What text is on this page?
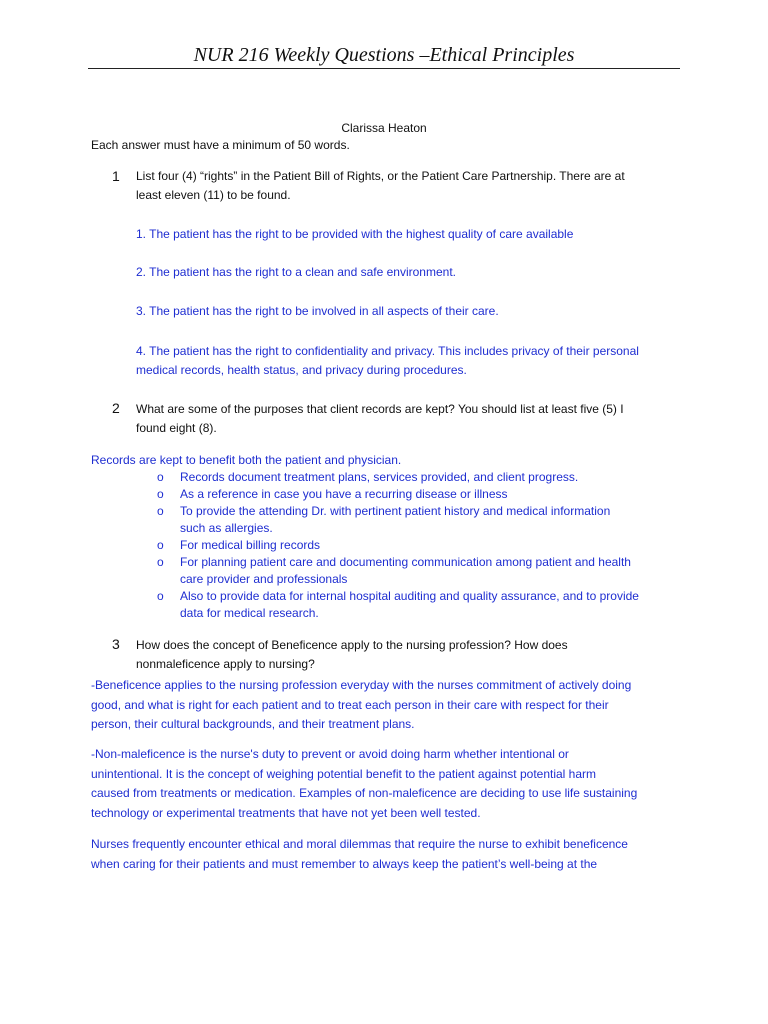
NUR 216 Weekly Questions –Ethical Principles
Clarissa Heaton
Each answer must have a minimum of 50 words.
1 List four (4) “rights” in the Patient Bill of Rights, or the Patient Care Partnership. There are at
least eleven (11) to be found.
1. The patient has the right to be provided with the highest quality of care available
2. The patient has the right to a clean and safe environment.
3. The patient has the right to be involved in all aspects of their care.
4. The patient has the right to confidentiality and privacy. This includes privacy of their personal
medical records, health status, and privacy during procedures.
2 What are some of the purposes that client records are kept? You should list at least five (5) I
found eight (8).
Records are kept to benefit both the patient and physician.
o Records document treatment plans, services provided, and client progress.
o As a reference in case you have a recurring disease or illness
o To provide the attending Dr. with pertinent patient history and medical information
such as allergies.
o For medical billing records
o For planning patient care and documenting communication among patient and health
care provider and professionals
o Also to provide data for internal hospital auditing and quality assurance, and to provide
data for medical research.
3 How does the concept of Beneficence apply to the nursing profession? How does
nonmaleficence apply to nursing?
-Beneficence applies to the nursing profession everyday with the nurses commitment of actively doing
good, and what is right for each patient and to treat each person in their care with respect for their
person, their cultural backgrounds, and their treatment plans.
-Non-maleficence is the nurse's duty to prevent or avoid doing harm whether intentional or
unintentional. It is the concept of weighing potential benefit to the patient against potential harm
caused from treatments or medication. Examples of non-maleficence are deciding to use life sustaining
technology or experimental treatments that have not yet been well tested.
Nurses frequently encounter ethical and moral dilemmas that require the nurse to exhibit beneficence
when caring for their patients and must remember to always keep the patient’s well-being at the
